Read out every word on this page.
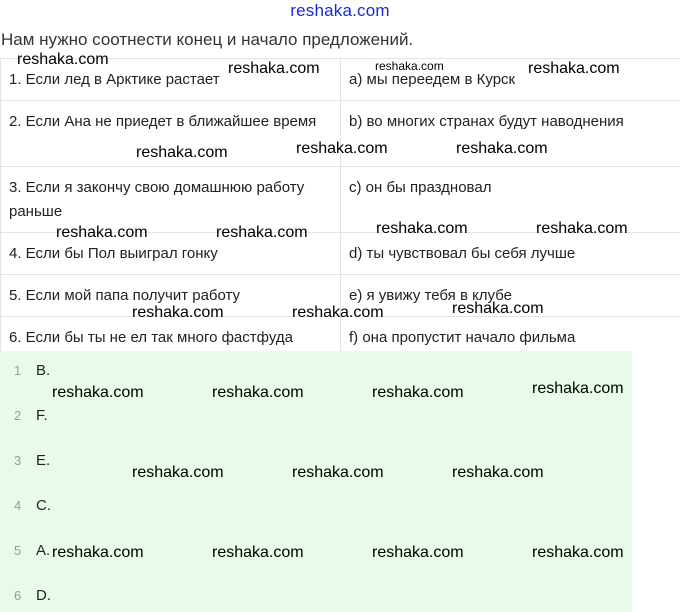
reshaka.com
Нам нужно соотнести конец и начало предложений.
1. Если лед в Арктике растает	a) мы переедем в Курск
2. Если Ана не приедет в ближайшее время	b) во многих странах будут наводнения
3. Если я закончу свою домашнюю работу раньше	c) он бы праздновал
4. Если бы Пол выиграл гонку	d) ты чувствовал бы себя лучше
5. Если мой папа получит работу	e) я увижу тебя в клубе
6. Если бы ты не ел так много фастфуда	f) она пропустит начало фильма
1 B.
2 F.
3 E.
4 C.
5 A.
6 D.
reshaka.com
reshaka.com	reshaka.com	reshaka.com
reshaka.com	reshaka.com	reshaka.com
reshaka.com	reshaka.com	reshaka.com	reshaka.com
reshaka.com
reshaka.com	reshaka.com
reshaka.com	reshaka.com	reshaka.com	reshaka.com
reshaka.com	reshaka.com	reshaka.com
reshaka.com	reshaka.com	reshaka.com	reshaka.com
